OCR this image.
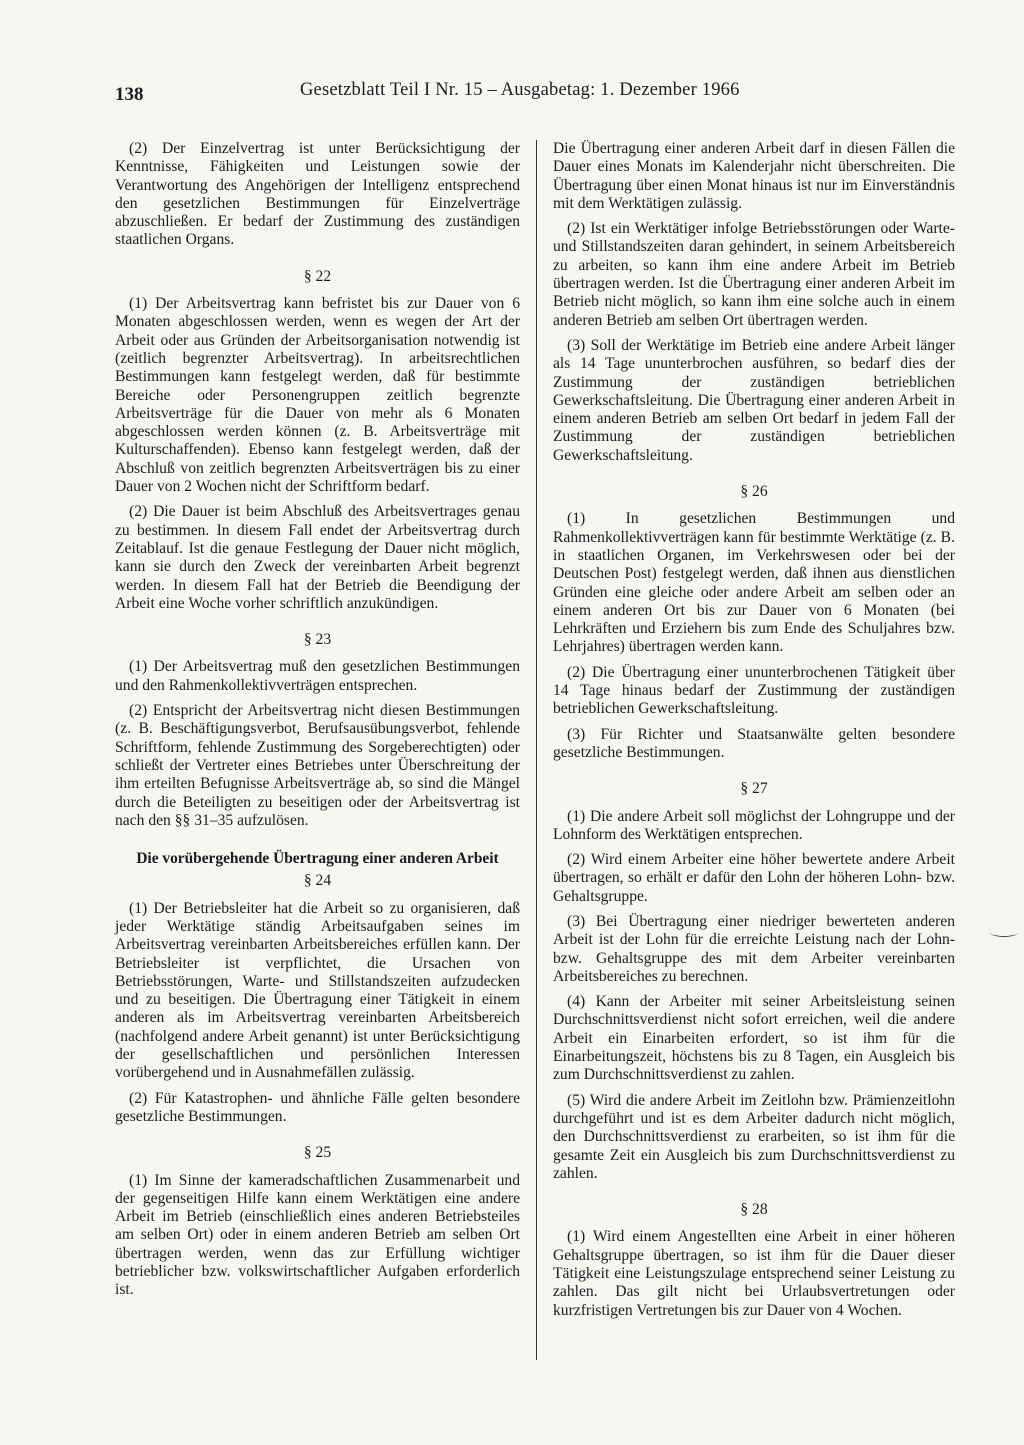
138	Gesetzblatt Teil I Nr. 15 – Ausgabetag: 1. Dezember 1966

(2) Der Einzelvertrag ist unter Berücksichtigung der Kenntnisse, Fähigkeiten und Leistungen sowie der Verantwortung des Angehörigen der Intelligenz entsprechend den gesetzlichen Bestimmungen für Einzelverträge abzuschließen. Er bedarf der Zustimmung des zuständigen staatlichen Organs.

§ 22

(1) Der Arbeitsvertrag kann befristet bis zur Dauer von 6 Monaten abgeschlossen werden, wenn es wegen der Art der Arbeit oder aus Gründen der Arbeitsorganisation notwendig ist (zeitlich begrenzter Arbeitsvertrag). In arbeitsrechtlichen Bestimmungen kann festgelegt werden, daß für bestimmte Bereiche oder Personengruppen zeitlich begrenzte Arbeitsverträge für die Dauer von mehr als 6 Monaten abgeschlossen werden können (z. B. Arbeitsverträge mit Kulturschaffenden). Ebenso kann festgelegt werden, daß der Abschluß von zeitlich begrenzten Arbeitsverträgen bis zu einer Dauer von 2 Wochen nicht der Schriftform bedarf.

(2) Die Dauer ist beim Abschluß des Arbeitsvertrages genau zu bestimmen. In diesem Fall endet der Arbeitsvertrag durch Zeitablauf. Ist die genaue Festlegung der Dauer nicht möglich, kann sie durch den Zweck der vereinbarten Arbeit begrenzt werden. In diesem Fall hat der Betrieb die Beendigung der Arbeit eine Woche vorher schriftlich anzukündigen.

§ 23

(1) Der Arbeitsvertrag muß den gesetzlichen Bestimmungen und den Rahmenkollektivverträgen entsprechen.

(2) Entspricht der Arbeitsvertrag nicht diesen Bestimmungen (z. B. Beschäftigungsverbot, Berufsausübungsverbot, fehlende Schriftform, fehlende Zustimmung des Sorgeberechtigten) oder schließt der Vertreter eines Betriebes unter Überschreitung der ihm erteilten Befugnisse Arbeitsverträge ab, so sind die Mängel durch die Beteiligten zu beseitigen oder der Arbeitsvertrag ist nach den §§ 31–35 aufzulösen.

Die vorübergehende Übertragung einer anderen Arbeit
§ 24

(1) Der Betriebsleiter hat die Arbeit so zu organisieren, daß jeder Werktätige ständig Arbeitsaufgaben seines im Arbeitsvertrag vereinbarten Arbeitsbereiches erfüllen kann. Der Betriebsleiter ist verpflichtet, die Ursachen von Betriebsstörungen, Warte- und Stillstandszeiten aufzudecken und zu beseitigen. Die Übertragung einer Tätigkeit in einem anderen als im Arbeitsvertrag vereinbarten Arbeitsbereich (nachfolgend andere Arbeit genannt) ist unter Berücksichtigung der gesellschaftlichen und persönlichen Interessen vorübergehend und in Ausnahmefällen zulässig.

(2) Für Katastrophen- und ähnliche Fälle gelten besondere gesetzliche Bestimmungen.

§ 25

(1) Im Sinne der kameradschaftlichen Zusammenarbeit und der gegenseitigen Hilfe kann einem Werktätigen eine andere Arbeit im Betrieb (einschließlich eines anderen Betriebsteiles am selben Ort) oder in einem anderen Betrieb am selben Ort übertragen werden, wenn das zur Erfüllung wichtiger betrieblicher bzw. volkswirtschaftlicher Aufgaben erforderlich ist.

Die Übertragung einer anderen Arbeit darf in diesen Fällen die Dauer eines Monats im Kalenderjahr nicht überschreiten. Die Übertragung über einen Monat hinaus ist nur im Einverständnis mit dem Werktätigen zulässig.

(2) Ist ein Werktätiger infolge Betriebsstörungen oder Warte- und Stillstandszeiten daran gehindert, in seinem Arbeitsbereich zu arbeiten, so kann ihm eine andere Arbeit im Betrieb übertragen werden. Ist die Übertragung einer anderen Arbeit im Betrieb nicht möglich, so kann ihm eine solche auch in einem anderen Betrieb am selben Ort übertragen werden.

(3) Soll der Werktätige im Betrieb eine andere Arbeit länger als 14 Tage ununterbrochen ausführen, so bedarf dies der Zustimmung der zuständigen betrieblichen Gewerkschaftsleitung. Die Übertragung einer anderen Arbeit in einem anderen Betrieb am selben Ort bedarf in jedem Fall der Zustimmung der zuständigen betrieblichen Gewerkschaftsleitung.

§ 26

(1) In gesetzlichen Bestimmungen und Rahmenkollektivverträgen kann für bestimmte Werktätige (z. B. in staatlichen Organen, im Verkehrswesen oder bei der Deutschen Post) festgelegt werden, daß ihnen aus dienstlichen Gründen eine gleiche oder andere Arbeit am selben oder an einem anderen Ort bis zur Dauer von 6 Monaten (bei Lehrkräften und Erziehern bis zum Ende des Schuljahres bzw. Lehrjahres) übertragen werden kann.

(2) Die Übertragung einer ununterbrochenen Tätigkeit über 14 Tage hinaus bedarf der Zustimmung der zuständigen betrieblichen Gewerkschaftsleitung.

(3) Für Richter und Staatsanwälte gelten besondere gesetzliche Bestimmungen.

§ 27

(1) Die andere Arbeit soll möglichst der Lohngruppe und der Lohnform des Werktätigen entsprechen.

(2) Wird einem Arbeiter eine höher bewertete andere Arbeit übertragen, so erhält er dafür den Lohn der höheren Lohn- bzw. Gehaltsgruppe.

(3) Bei Übertragung einer niedriger bewerteten anderen Arbeit ist der Lohn für die erreichte Leistung nach der Lohn- bzw. Gehaltsgruppe des mit dem Arbeiter vereinbarten Arbeitsbereiches zu berechnen.

(4) Kann der Arbeiter mit seiner Arbeitsleistung seinen Durchschnittsverdienst nicht sofort erreichen, weil die andere Arbeit ein Einarbeiten erfordert, so ist ihm für die Einarbeitungszeit, höchstens bis zu 8 Tagen, ein Ausgleich bis zum Durchschnittsverdienst zu zahlen.

(5) Wird die andere Arbeit im Zeitlohn bzw. Prämienzeitlohn durchgeführt und ist es dem Arbeiter dadurch nicht möglich, den Durchschnittsverdienst zu erarbeiten, so ist ihm für die gesamte Zeit ein Ausgleich bis zum Durchschnittsverdienst zu zahlen.

§ 28

(1) Wird einem Angestellten eine Arbeit in einer höheren Gehaltsgruppe übertragen, so ist ihm für die Dauer dieser Tätigkeit eine Leistungszulage entsprechend seiner Leistung zu zahlen. Das gilt nicht bei Urlaubsvertretungen oder kurzfristigen Vertretungen bis zur Dauer von 4 Wochen.
